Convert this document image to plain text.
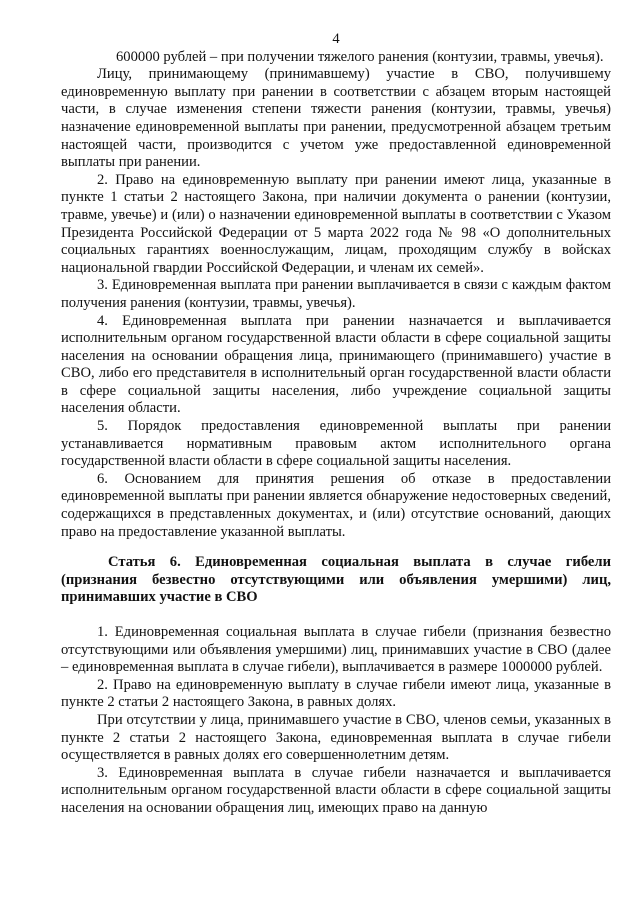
4

600000 рублей – при получении тяжелого ранения (контузии, травмы, увечья).

Лицу, принимающему (принимавшему) участие в СВО, получившему единовременную выплату при ранении в соответствии с абзацем вторым настоящей части, в случае изменения степени тяжести ранения (контузии, травмы, увечья) назначение единовременной выплаты при ранении, предусмотренной абзацем третьим настоящей части, производится с учетом уже предоставленной единовременной выплаты при ранении.

2. Право на единовременную выплату при ранении имеют лица, указанные в пункте 1 статьи 2 настоящего Закона, при наличии документа о ранении (контузии, травме, увечье) и (или) о назначении единовременной выплаты в соответствии с Указом Президента Российской Федерации от 5 марта 2022 года № 98 «О дополнительных социальных гарантиях военнослужащим, лицам, проходящим службу в войсках национальной гвардии Российской Федерации, и членам их семей».

3. Единовременная выплата при ранении выплачивается в связи с каждым фактом получения ранения (контузии, травмы, увечья).

4. Единовременная выплата при ранении назначается и выплачивается исполнительным органом государственной власти области в сфере социальной защиты населения на основании обращения лица, принимающего (принимавшего) участие в СВО, либо его представителя в исполнительный орган государственной власти области в сфере социальной защиты населения, либо учреждение социальной защиты населения области.

5. Порядок предоставления единовременной выплаты при ранении устанавливается нормативным правовым актом исполнительного органа государственной власти области в сфере социальной защиты населения.

6. Основанием для принятия решения об отказе в предоставлении единовременной выплаты при ранении является обнаружение недостоверных сведений, содержащихся в представленных документах, и (или) отсутствие оснований, дающих право на предоставление указанной выплаты.

Статья 6. Единовременная социальная выплата в случае гибели (признания безвестно отсутствующими или объявления умершими) лиц, принимавших участие в СВО

1. Единовременная социальная выплата в случае гибели (признания безвестно отсутствующими или объявления умершими) лиц, принимавших участие в СВО (далее – единовременная выплата в случае гибели), выплачивается в размере 1000000 рублей.

2. Право на единовременную выплату в случае гибели имеют лица, указанные в пункте 2 статьи 2 настоящего Закона, в равных долях.

При отсутствии у лица, принимавшего участие в СВО, членов семьи, указанных в пункте 2 статьи 2 настоящего Закона, единовременная выплата в случае гибели осуществляется в равных долях его совершеннолетним детям.

3. Единовременная выплата в случае гибели назначается и выплачивается исполнительным органом государственной власти области в сфере социальной защиты населения на основании обращения лиц, имеющих право на данную
